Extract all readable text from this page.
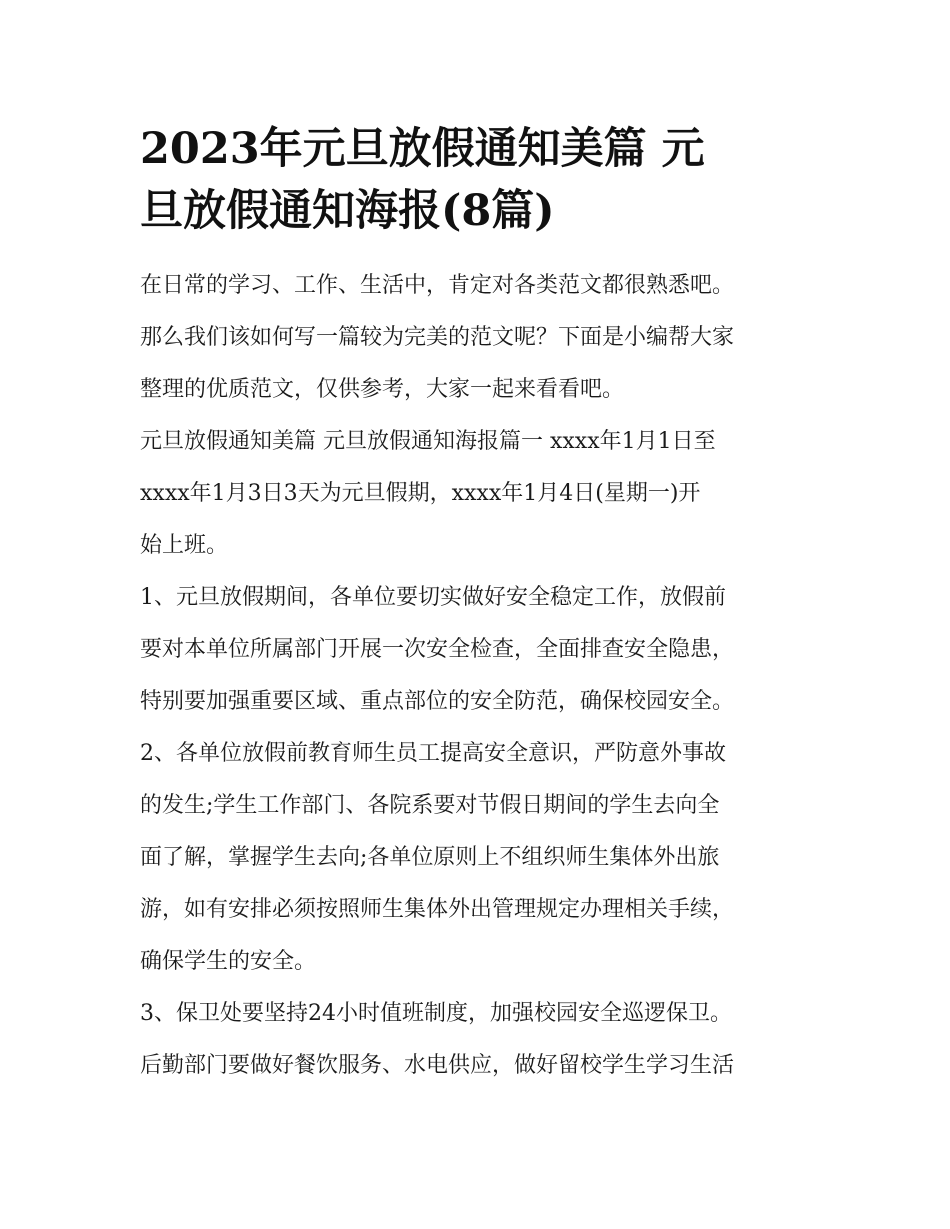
2023年元旦放假通知美篇 元
旦放假通知海报(8篇)
在日常的学习、工作、生活中，肯定对各类范文都很熟悉吧。
那么我们该如何写一篇较为完美的范文呢？下面是小编帮大家
整理的优质范文，仅供参考，大家一起来看看吧。
元旦放假通知美篇 元旦放假通知海报篇一 xxxx年1月1日至
xxxx年1月3日3天为元旦假期，xxxx年1月4日(星期一)开
始上班。
1、元旦放假期间，各单位要切实做好安全稳定工作，放假前
要对本单位所属部门开展一次安全检查，全面排查安全隐患，
特别要加强重要区域、重点部位的安全防范，确保校园安全。
2、各单位放假前教育师生员工提高安全意识，严防意外事故
的发生;学生工作部门、各院系要对节假日期间的学生去向全
面了解，掌握学生去向;各单位原则上不组织师生集体外出旅
游，如有安排必须按照师生集体外出管理规定办理相关手续，
确保学生的安全。
3、保卫处要坚持24小时值班制度，加强校园安全巡逻保卫。
后勤部门要做好餐饮服务、水电供应，做好留校学生学习生活
